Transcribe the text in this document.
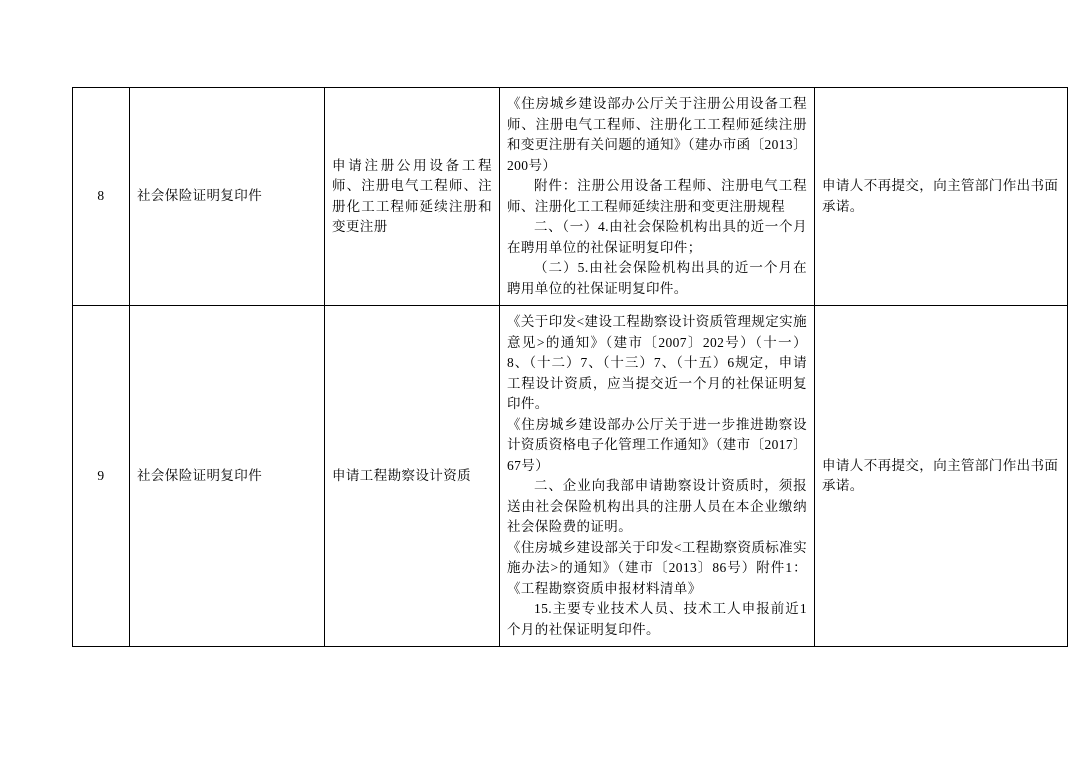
8	社会保险证明复印件	申请注册公用设备工程师、注册电气工程师、注册化工工程师延续注册和变更注册	《住房城乡建设部办公厅关于注册公用设备工程师、注册电气工程师、注册化工工程师延续注册和变更注册有关问题的通知》（建办市函〔2013〕200号）

附件：注册公用设备工程师、注册电气工程师、注册化工工程师延续注册和变更注册规程

二、（一）4.由社会保险机构出具的近一个月在聘用单位的社保证明复印件；

（二）5.由社会保险机构出具的近一个月在聘用单位的社保证明复印件。	申请人不再提交，向主管部门作出书面承诺。

9	社会保险证明复印件	申请工程勘察设计资质	《关于印发<建设工程勘察设计资质管理规定实施意见>的通知》（建市〔2007〕202号）（十一）8、（十二）7、（十三）7、（十五）6规定，申请工程设计资质，应当提交近一个月的社保证明复印件。

《住房城乡建设部办公厅关于进一步推进勘察设计资质资格电子化管理工作通知》（建市〔2017〕67号）

二、企业向我部申请勘察设计资质时，须报送由社会保险机构出具的注册人员在本企业缴纳社会保险费的证明。

《住房城乡建设部关于印发<工程勘察资质标准实施办法>的通知》（建市〔2013〕86号）附件1：《工程勘察资质申报材料清单》

15.主要专业技术人员、技术工人申报前近1个月的社保证明复印件。	申请人不再提交，向主管部门作出书面承诺。
